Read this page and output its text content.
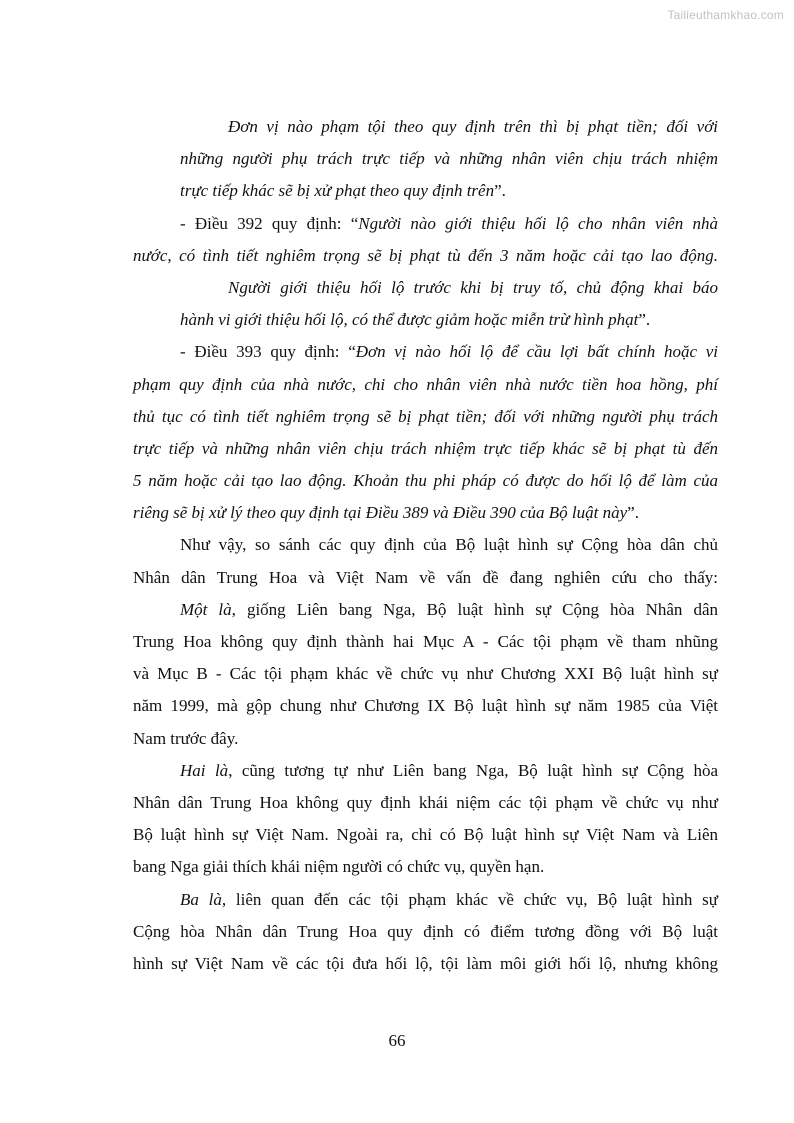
Tailieuthamkhao.com
Đơn vị nào phạm tội theo quy định trên thì bị phạt tiền; đối với
những người phụ trách trực tiếp và những nhân viên chịu trách nhiệm
trực tiếp khác sẽ bị xử phạt theo quy định trên”.
- Điều 392 quy định: “Người nào giới thiệu hối lộ cho nhân viên nhà
nước, có tình tiết nghiêm trọng sẽ bị phạt tù đến 3 năm hoặc cải tạo lao động.
Người giới thiệu hối lộ trước khi bị truy tố, chủ động khai báo
hành vi giới thiệu hối lộ, có thể được giảm hoặc miễn trừ hình phạt”.
- Điều 393 quy định: “Đơn vị nào hối lộ để cầu lợi bất chính hoặc vi
phạm quy định của nhà nước, chi cho nhân viên nhà nước tiền hoa hồng, phí
thủ tục có tình tiết nghiêm trọng sẽ bị phạt tiền; đối với những người phụ trách
trực tiếp và những nhân viên chịu trách nhiệm trực tiếp khác sẽ bị phạt tù đến
5 năm hoặc cải tạo lao động. Khoản thu phi pháp có được do hối lộ để làm của
riêng sẽ bị xử lý theo quy định tại Điều 389 và Điều 390 của Bộ luật này”.
Như vậy, so sánh các quy định của Bộ luật hình sự Cộng hòa dân chủ
Nhân dân Trung Hoa và Việt Nam về vấn đề đang nghiên cứu cho thấy:
Một là, giống Liên bang Nga, Bộ luật hình sự Cộng hòa Nhân dân
Trung Hoa không quy định thành hai Mục A - Các tội phạm về tham nhũng
và Mục B - Các tội phạm khác về chức vụ như Chương XXI Bộ luật hình sự
năm 1999, mà gộp chung như Chương IX Bộ luật hình sự năm 1985 của Việt
Nam trước đây.
Hai là, cũng tương tự như Liên bang Nga, Bộ luật hình sự Cộng hòa
Nhân dân Trung Hoa không quy định khái niệm các tội phạm về chức vụ như
Bộ luật hình sự Việt Nam. Ngoài ra, chỉ có Bộ luật hình sự Việt Nam và Liên
bang Nga giải thích khái niệm người có chức vụ, quyền hạn.
Ba là, liên quan đến các tội phạm khác về chức vụ, Bộ luật hình sự
Cộng hòa Nhân dân Trung Hoa quy định có điểm tương đồng với Bộ luật
hình sự Việt Nam về các tội đưa hối lộ, tội làm môi giới hối lộ, nhưng không
66
